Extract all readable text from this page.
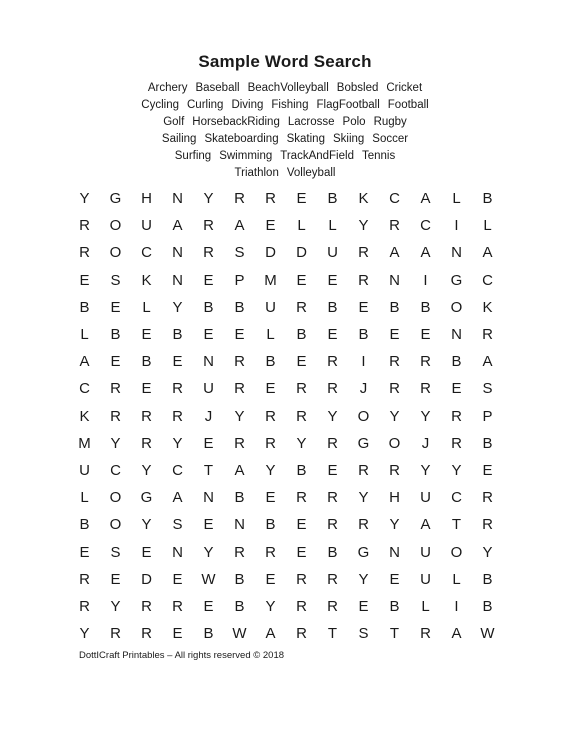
Sample Word Search
Archery Baseball BeachVolleyball Bobsled Cricket
Cycling Curling Diving Fishing FlagFootball Football
Golf HorsebackRiding Lacrosse Polo Rugby
Sailing Skateboarding Skating Skiing Soccer
Surfing Swimming TrackAndField Tennis
Triathlon Volleyball
Y	G	H	N	Y	R	R	E	B	K	C	A	L	B
R	O	U	A	R	A	E	L	L	Y	R	C	I	L
R	O	C	N	R	S	D	D	U	R	A	A	N	A
E	S	K	N	E	P	M	E	E	R	N	I	G	C
B	E	L	Y	B	B	U	R	B	E	B	B	O	K
L	B	E	B	E	E	L	B	E	B	E	E	N	R
A	E	B	E	N	R	B	E	R	I	R	R	B	A
C	R	E	R	U	R	E	R	R	J	R	R	E	S
K	R	R	R	J	Y	R	R	Y	O	Y	Y	R	P
M	Y	R	Y	E	R	R	Y	R	G	O	J	R	B
U	C	Y	C	T	A	Y	B	E	R	R	Y	Y	E
L	O	G	A	N	B	E	R	R	Y	H	U	C	R
B	O	Y	S	E	N	B	E	R	R	Y	A	T	R
E	S	E	N	Y	R	R	E	B	G	N	U	O	Y
R	E	D	E	W	B	E	R	R	Y	E	U	L	B
R	Y	R	R	E	B	Y	R	R	E	B	L	I	B
Y	R	R	E	B	W	A	R	T	S	T	R	A	W
DottICraft Printables – All rights reserved © 2018
